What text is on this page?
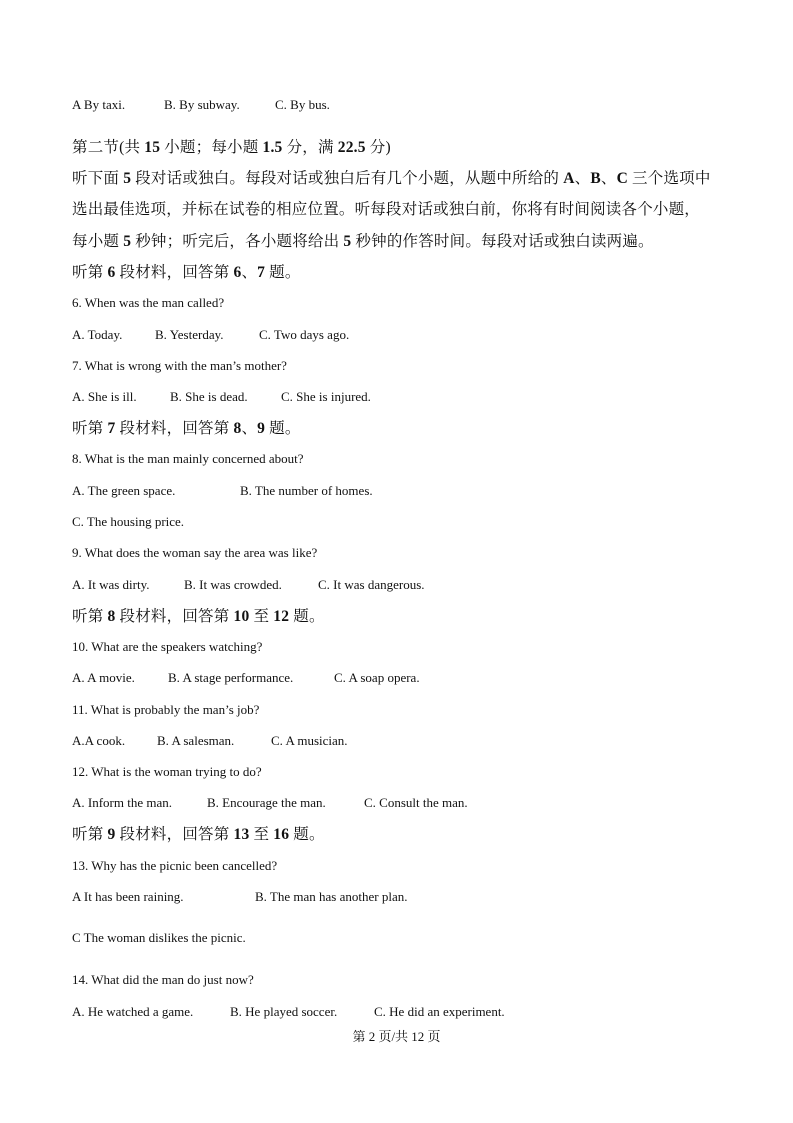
A By taxi.	B. By subway.	C. By bus.
第二节(共 15 小题；每小题 1.5 分，满 22.5 分)
听下面 5 段对话或独白。每段对话或独白后有几个小题，从题中所给的 A、B、C 三个选项中
选出最佳选项，并标在试卷的相应位置。听每段对话或独白前，你将有时间阅读各个小题，
每小题 5 秒钟；听完后，各小题将给出 5 秒钟的作答时间。每段对话或独白读两遍。
听第 6 段材料，回答第 6、7 题。
6. When was the man called?
A. Today.	B. Yesterday.	C. Two days ago.
7. What is wrong with the man’s mother?
A. She is ill.	B. She is dead.	C. She is injured.
听第 7 段材料，回答第 8、9 题。
8. What is the man mainly concerned about?
A. The green space.	B. The number of homes.
C. The housing price.
9. What does the woman say the area was like?
A. It was dirty.	B. It was crowded.	C. It was dangerous.
听第 8 段材料，回答第 10 至 12 题。
10. What are the speakers watching?
A. A movie.	B. A stage performance.	C. A soap opera.
11. What is probably the man’s job?
A.A cook. B. A salesman.	C. A musician.
12. What is the woman trying to do?
A. Inform the man.	B. Encourage the man.	C. Consult the man.
听第 9 段材料，回答第 13 至 16 题。
13. Why has the picnic been cancelled?
A It has been raining.	B. The man has another plan.
C The woman dislikes the picnic.
14. What did the man do just now?
A. He watched a game.	B. He played soccer.	C. He did an experiment.
第 2 页/共 12 页
